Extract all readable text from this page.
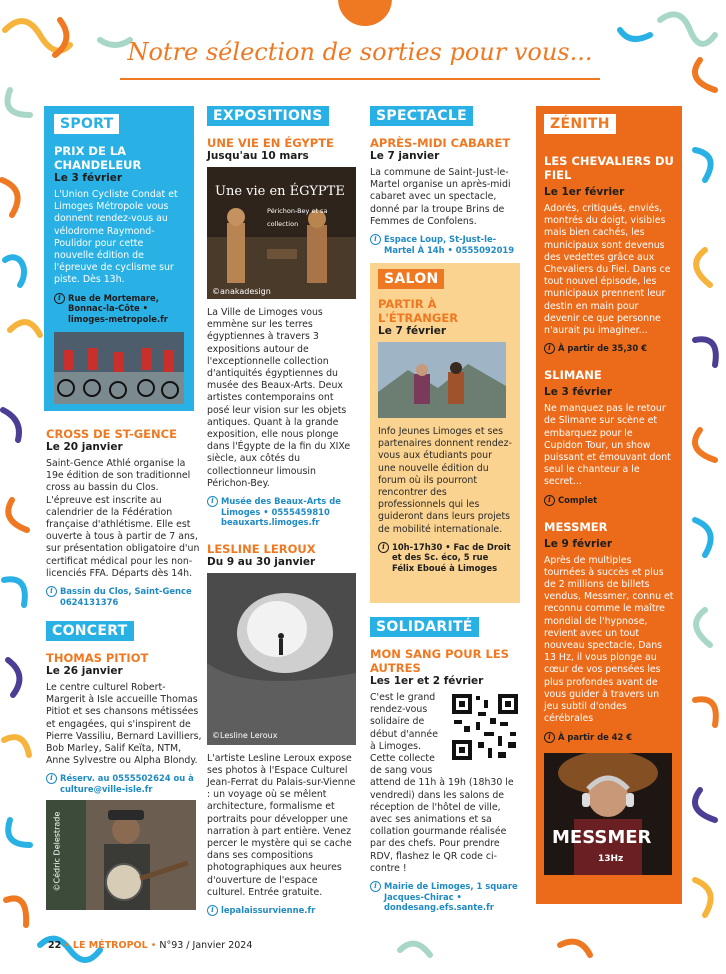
Notre sélection de sorties pour vous...
SPORT
PRIX DE LA CHANDELEUR
Le 3 février
L'Union Cycliste Condat et Limoges Métropole vous donnent rendez-vous au vélodrome Raymond-Poulidor pour cette nouvelle édition de l'épreuve de cyclisme sur piste. Dès 13h.
i Rue de Mortemare, Bonnac-la-Côte • limoges-metropole.fr
CROSS DE ST-GENCE
Le 20 janvier
Saint-Gence Athlé organise la 19e édition de son traditionnel cross au bassin du Clos. L'épreuve est inscrite au calendrier de la Fédération française d'athlétisme. Elle est ouverte à tous à partir de 7 ans, sur présentation obligatoire d'un certificat médical pour les non-licenciés FFA. Départs dès 14h.
i Bassin du Clos, Saint-Gence 0624131376
CONCERT
THOMAS PITIOT
Le 26 janvier
Le centre culturel Robert-Margerit à Isle accueille Thomas Pitiot et ses chansons métissées et engagées, qui s'inspirent de Pierre Vassiliu, Bernard Lavilliers, Bob Marley, Salif Keïta, NTM, Anne Sylvestre ou Alpha Blondy.
i Réserv. au 0555502624 ou à culture@ville-isle.fr
©Cédric Delestrade
EXPOSITIONS
UNE VIE EN ÉGYPTE
Jusqu'au 10 mars
Une vie en ÉGYPTE
Périchon-Bey et sa collection
©anakadesign
La Ville de Limoges vous emmène sur les terres égyptiennes à travers 3 expositions autour de l'exceptionnelle collection d'antiquités égyptiennes du musée des Beaux-Arts. Deux artistes contemporains ont posé leur vision sur les objets antiques. Quant à la grande exposition, elle nous plonge dans l'Égypte de la fin du XIXe siècle, aux côtés du collectionneur limousin Périchon-Bey.
i Musée des Beaux-Arts de Limoges • 0555459810 beauxarts.limoges.fr
LESLINE LEROUX
Du 9 au 30 janvier
©Lesline Leroux
L'artiste Lesline Leroux expose ses photos à l'Espace Culturel Jean-Ferrat du Palais-sur-Vienne : un voyage où se mêlent architecture, formalisme et portraits pour développer une narration à part entière. Venez percer le mystère qui se cache dans ses compositions photographiques aux heures d'ouverture de l'espace culturel. Entrée gratuite.
i lepalaissurvienne.fr
SPECTACLE
APRÈS-MIDI CABARET
Le 7 janvier
La commune de Saint-Just-le-Martel organise un après-midi cabaret avec un spectacle, donné par la troupe Brins de Femmes de Confolens.
i Espace Loup, St-Just-le-Martel À 14h • 0555092019
SALON
PARTIR À L'ÉTRANGER
Le 7 février
Info Jeunes Limoges et ses partenaires donnent rendez-vous aux étudiants pour une nouvelle édition du forum où ils pourront rencontrer des professionnels qui les guideront dans leurs projets de mobilité internationale.
i 10h-17h30 • Fac de Droit et des Sc. éco, 5 rue Félix Eboué à Limoges
SOLIDARITÉ
MON SANG POUR LES AUTRES
Les 1er et 2 février
C'est le grand rendez-vous solidaire de début d'année à Limoges. Cette collecte de sang vous
attend de 11h à 19h (18h30 le vendredi) dans les salons de réception de l'hôtel de ville, avec ses animations et sa collation gourmande réalisée par des chefs. Pour prendre RDV, flashez le QR code ci-contre !
i Mairie de Limoges, 1 square Jacques-Chirac • dondesang.efs.sante.fr
ZÉNITH
LES CHEVALIERS DU FIEL
Le 1er février
Adorés, critiqués, enviés, montrés du doigt, visibles mais bien cachés, les municipaux sont devenus des vedettes grâce aux Chevaliers du Fiel. Dans ce tout nouvel épisode, les municipaux prennent leur destin en main pour devenir ce que personne n'aurait pu imaginer...
i À partir de 35,30 €
SLIMANE
Le 3 février
Ne manquez pas le retour de Slimane sur scène et embarquez pour le Cupidon Tour, un show puissant et émouvant dont seul le chanteur a le secret...
i Complet
MESSMER
Le 9 février
Après de multiples tournées à succès et plus de 2 millions de billets vendus, Messmer, connu et reconnu comme le maître mondial de l'hypnose, revient avec un tout nouveau spectacle, Dans 13 Hz, il vous plonge au cœur de vos pensées les plus profondes avant de vous guider à travers un jeu subtil d'ondes cérébrales
i À partir de 42 €
MESSMER
13Hz
22 • LE MÉTROPOL • N°93 / Janvier 2024
